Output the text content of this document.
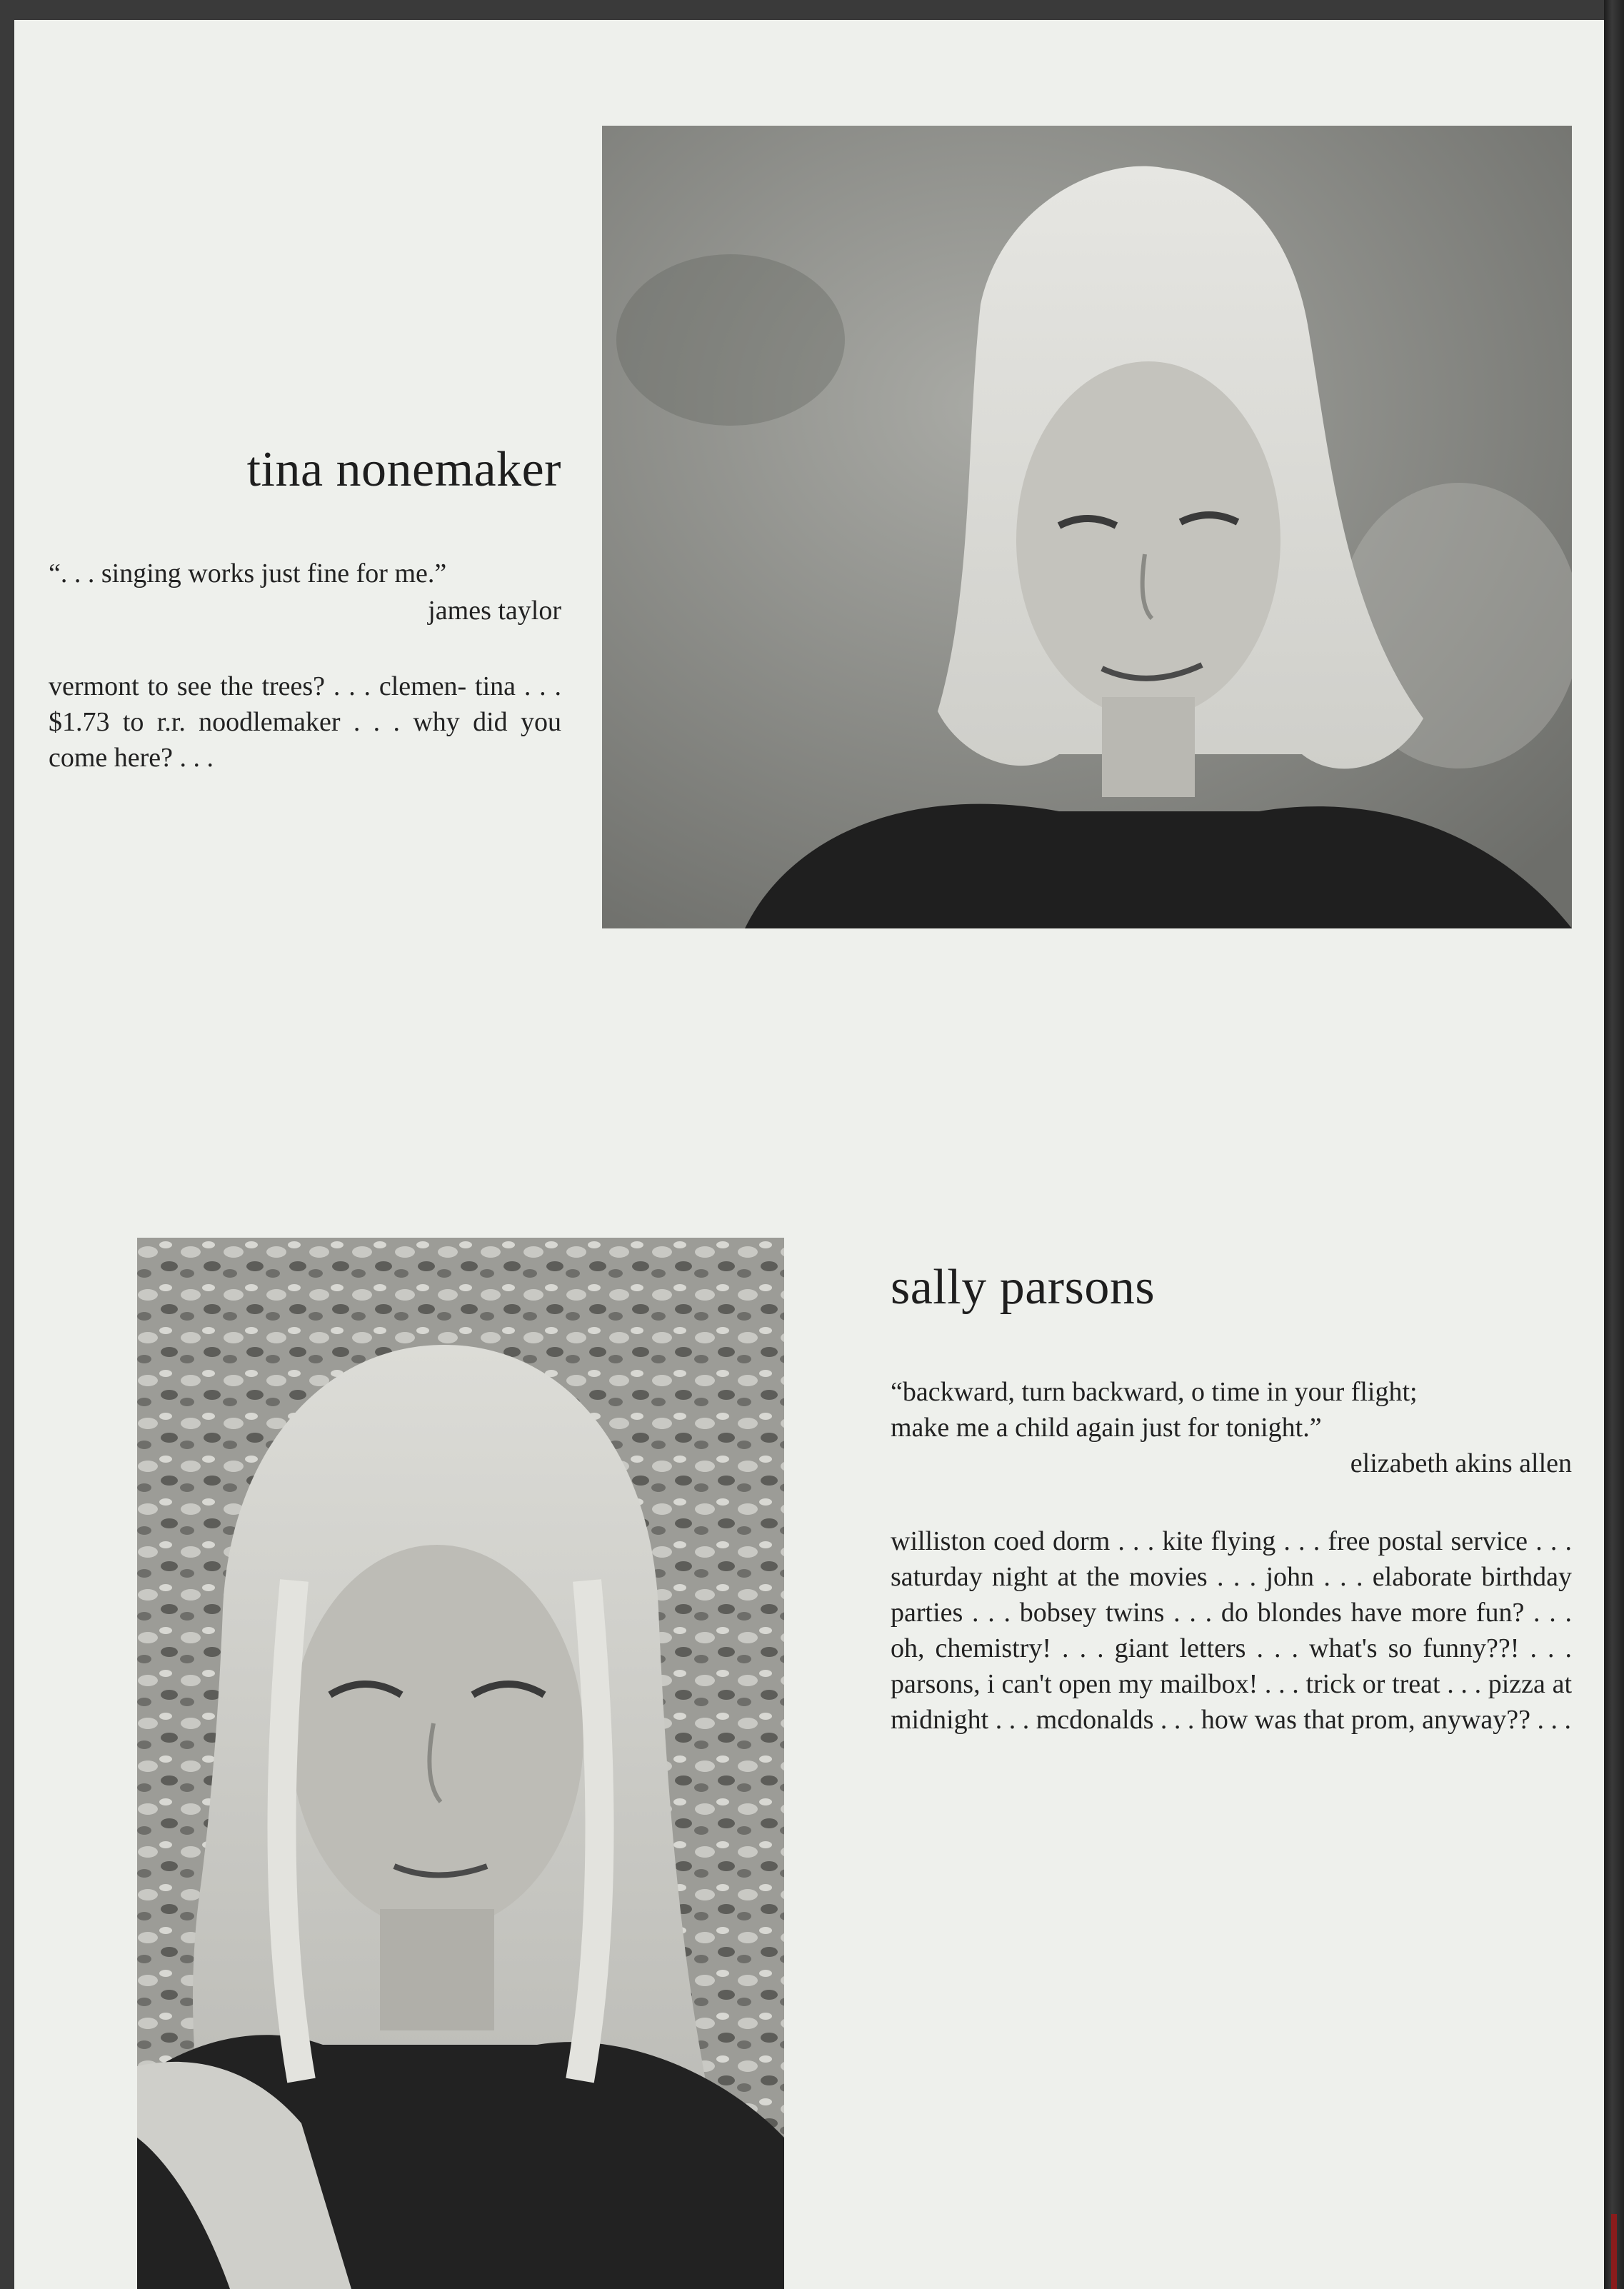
tina nonemaker

“. . . singing works just fine for me.”

james taylor

vermont to see the trees? . . . clemen- tina . . . $1.73 to r.r. noodlemaker . . . why did you come here? . . .

sally parsons

“backward, turn backward, o time in your flight;

make me a child again just for tonight.”

elizabeth akins allen

williston coed dorm . . . kite flying . . . free postal service . . . saturday night at the movies . . . john . . . elaborate birthday parties . . . bobsey twins . . . do blondes have more fun? . . . oh, chemistry! . . . giant letters . . . what's so funny??! . . . parsons, i can't open my mailbox! . . . trick or treat . . . pizza at midnight . . . mcdonalds . . . how was that prom, anyway?? . . .
